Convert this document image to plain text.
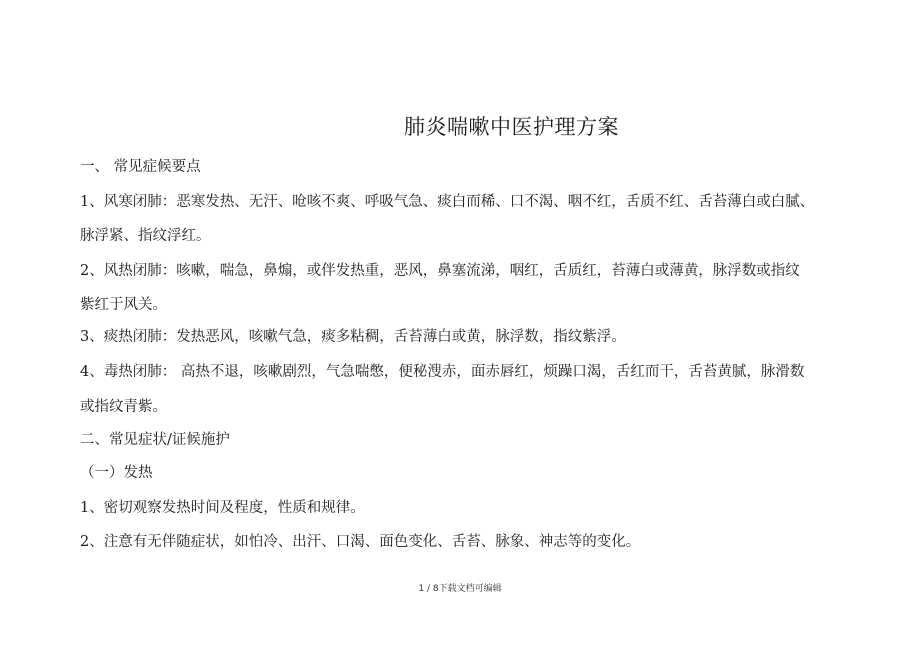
肺炎喘嗽中医护理方案
一、 常见症候要点
1、风寒闭肺：恶寒发热、无汗、呛咳不爽、呼吸气急、痰白而稀、口不渴、咽不红，舌质不红、舌苔薄白或白腻、
脉浮紧、指纹浮红。
2、风热闭肺：咳嗽，喘急，鼻煽，或伴发热重，恶风，鼻塞流涕，咽红，舌质红，苔薄白或薄黄，脉浮数或指纹
紫红于风关。
3、痰热闭肺：发热恶风，咳嗽气急，痰多粘稠，舌苔薄白或黄，脉浮数，指纹紫浮。
4、毒热闭肺： 高热不退，咳嗽剧烈，气急喘憋，便秘溲赤，面赤唇红，烦躁口渴，舌红而干，舌苔黄腻，脉滑数
或指纹青紫。
二、常见症状/证候施护
（一）发热
1、密切观察发热时间及程度，性质和规律。
2、注意有无伴随症状，如怕冷、出汗、口渴、面色变化、舌苔、脉象、神志等的变化。
1 / 8下载文档可编辑
